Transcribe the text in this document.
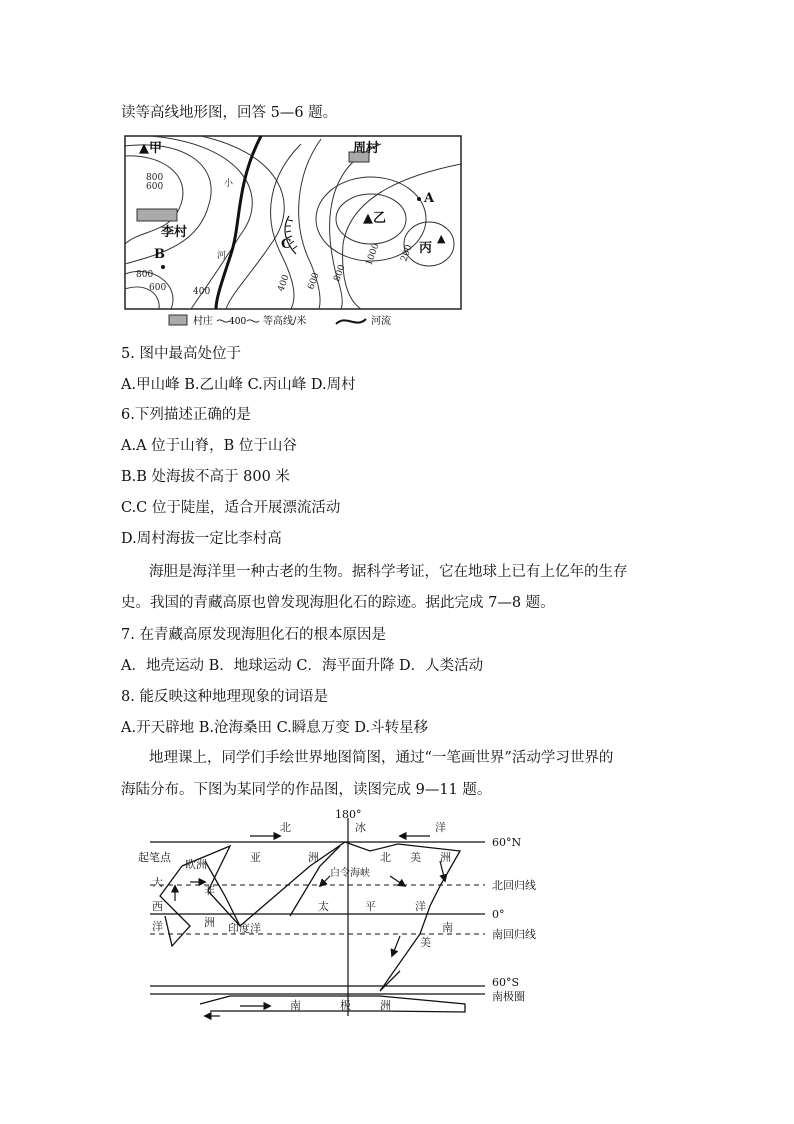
读等高线地形图，回答 5—6 题。
▲甲	周村
▲乙
丙
▲
李村
A
B
C
800
600
400	400 600 800
1000 200
800
600
小
河
村庄 400 等高线/米	河流
5. 图中最高处位于
A.甲山峰 B.乙山峰 C.丙山峰 D.周村
6.下列描述正确的是
A.A 位于山脊，B 位于山谷
B.B 处海拔不高于 800 米
C.C 位于陡崖，适合开展漂流活动
D.周村海拔一定比李村高
海胆是海洋里一种古老的生物。据科学考证，它在地球上已有上亿年的生存
史。我国的青藏高原也曾发现海胆化石的踪迹。据此完成 7—8 题。
7. 在青藏高原发现海胆化石的根本原因是
A．地壳运动 B．地球运动 C．海平面升降 D．人类活动
8. 能反映这种地理现象的词语是
A.开天辟地 B.沧海桑田 C.瞬息万变 D.斗转星移
地理课上，同学们手绘世界地图简图，通过“一笔画世界”活动学习世界的
海陆分布。下图为某同学的作品图，读图完成 9—11 题。
60°N
北回归线
0°
南回归线
60°S
南极圈
180°
起笔点
欧洲
亚	洲
非
洲
大
西
洋	印度洋
太	平	洋
白令海峡
北	冰	洋
北 美 洲
南
美
南	极	洲
